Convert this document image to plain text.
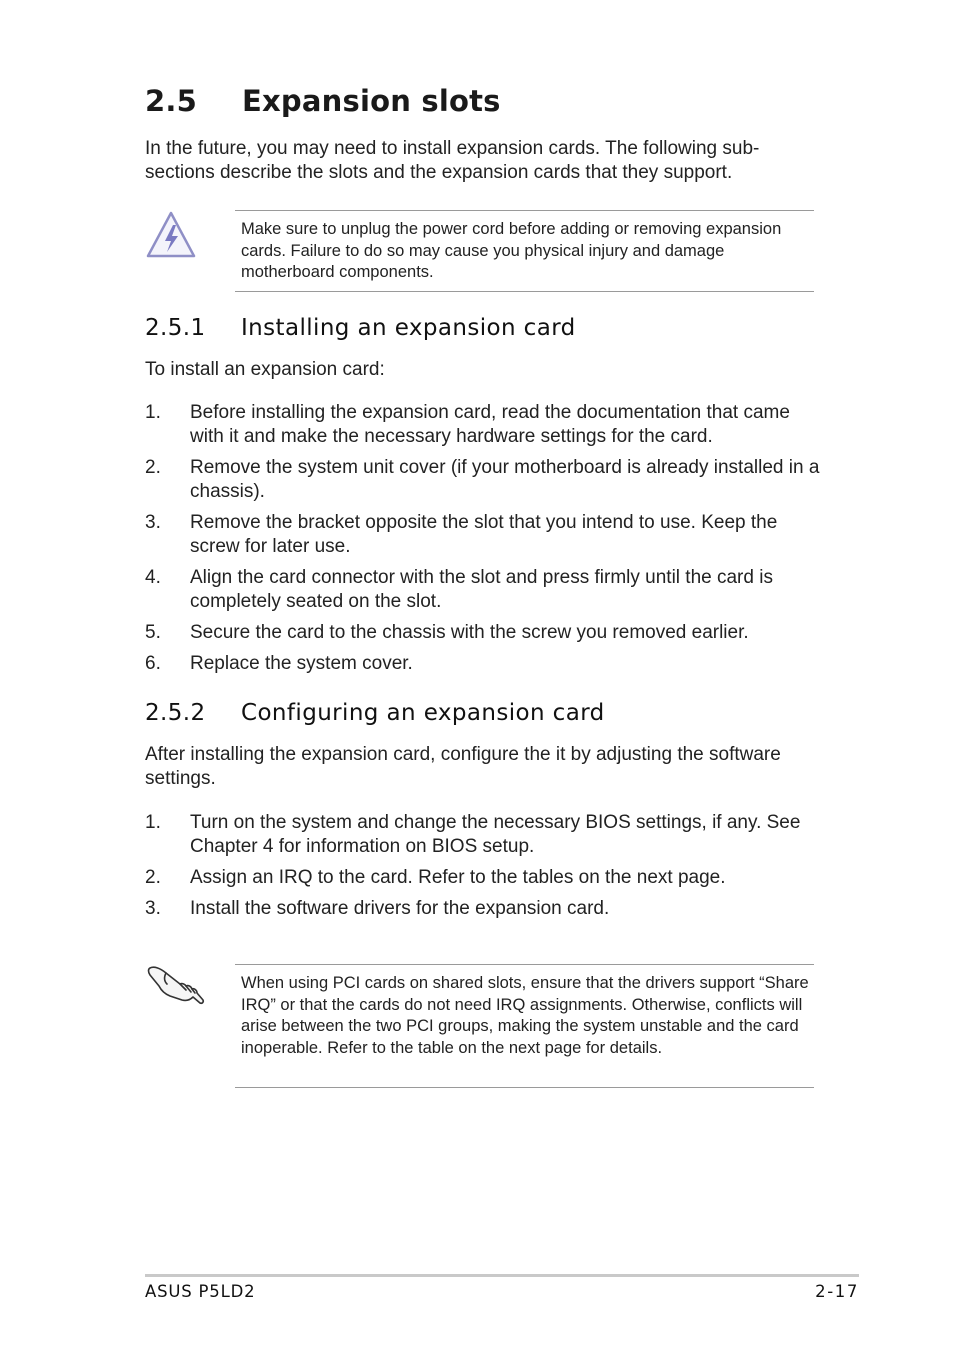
2.5 Expansion slots

In the future, you may need to install expansion cards. The following sub-sections describe the slots and the expansion cards that they support.

Make sure to unplug the power cord before adding or removing expansion cards. Failure to do so may cause you physical injury and damage motherboard components.
2.5.1 Installing an expansion card

To install an expansion card:

1. Before installing the expansion card, read the documentation that came with it and make the necessary hardware settings for the card.
2. Remove the system unit cover (if your motherboard is already installed in a chassis).
3. Remove the bracket opposite the slot that you intend to use. Keep the screw for later use.
4. Align the card connector with the slot and press firmly until the card is completely seated on the slot.
5. Secure the card to the chassis with the screw you removed earlier.
6. Replace the system cover.
2.5.2 Configuring an expansion card

After installing the expansion card, configure the it by adjusting the software settings.

1. Turn on the system and change the necessary BIOS settings, if any. See Chapter 4 for information on BIOS setup.
2. Assign an IRQ to the card. Refer to the tables on the next page.
3. Install the software drivers for the expansion card.
When using PCI cards on shared slots, ensure that the drivers support “Share IRQ” or that the cards do not need IRQ assignments. Otherwise, conflicts will arise between the two PCI groups, making the system unstable and the card inoperable. Refer to the table on the next page for details.
ASUS P5LD2	2-17
